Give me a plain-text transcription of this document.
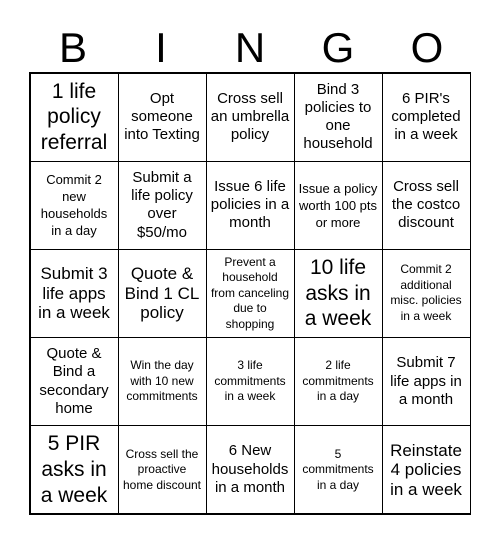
B	I	N	G	O
1 life policy referral
Opt someone into Texting
Cross sell an umbrella policy
Bind 3 policies to one household
6 PIR's completed in a week
Commit 2 new households in a day
Submit a life policy over $50/mo
Issue 6 life policies in a month
Issue a policy worth 100 pts or more
Cross sell the costco discount
Submit 3 life apps in a week
Quote & Bind 1 CL policy
Prevent a household from canceling due to shopping
10 life asks in a week
Commit 2 additional misc. policies in a week
Quote & Bind a secondary home
Win the day with 10 new commitments
3 life commitments in a week
2 life commitments in a day
Submit 7 life apps in a month
5 PIR asks in a week
Cross sell the proactive home discount
6 New households in a month
5 commitments in a day
Reinstate 4 policies in a week
